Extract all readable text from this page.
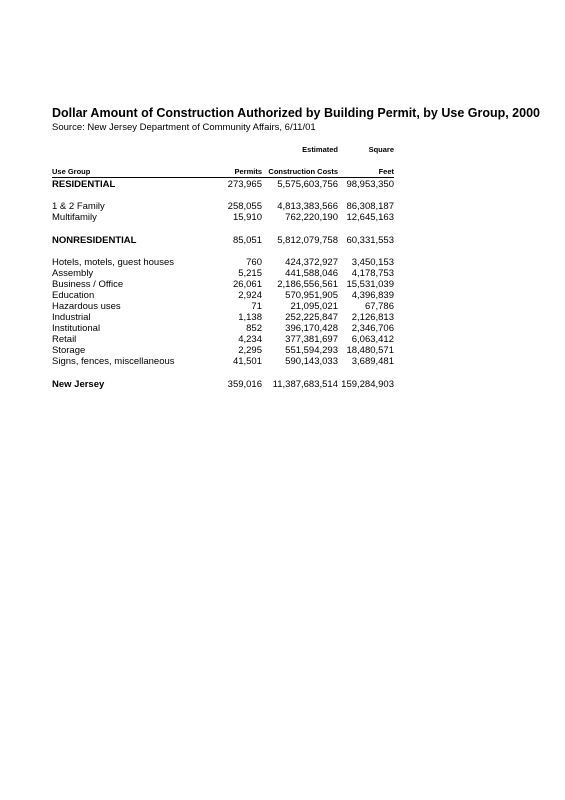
Dollar Amount of Construction Authorized by Building Permit, by Use Group, 2000
Source: New Jersey Department of Community Affairs, 6/11/01
		Estimated	Square

Use Group	Permits	Construction Costs	Feet
RESIDENTIAL	273,965	5,575,603,756	98,953,350

1 & 2 Family	258,055	4,813,383,566	86,308,187
Multifamily	15,910	762,220,190	12,645,163

NONRESIDENTIAL	85,051	5,812,079,758	60,331,553

Hotels, motels, guest houses	760	424,372,927	3,450,153
Assembly	5,215	441,588,046	4,178,753
Business / Office	26,061	2,186,556,561	15,531,039
Education	2,924	570,951,905	4,396,839
Hazardous uses	71	21,095,021	67,786
Industrial	1,138	252,225,847	2,126,813
Institutional	852	396,170,428	2,346,706
Retail	4,234	377,381,697	6,063,412
Storage	2,295	551,594,293	18,480,571
Signs, fences, miscellaneous	41,501	590,143,033	3,689,481

New Jersey	359,016	11,387,683,514	159,284,903
